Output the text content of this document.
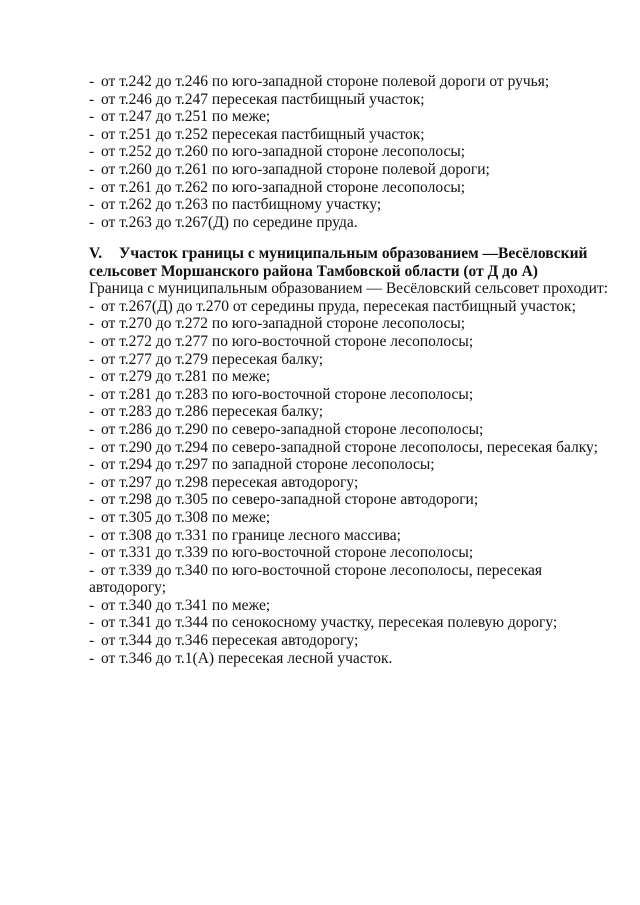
- от т.242 до т.246 по юго-западной стороне полевой дороги от ручья;
- от т.246 до т.247 пересекая пастбищный участок;
- от т.247 до т.251 по меже;
- от т.251 до т.252 пересекая пастбищный участок;
- от т.252 до т.260 по юго-западной стороне лесополосы;
- от т.260 до т.261 по юго-западной стороне полевой дороги;
- от т.261 до т.262 по юго-западной стороне лесополосы;
- от т.262 до т.263 по пастбищному участку;
- от т.263 до т.267(Д) по середине пруда.
V. Участок границы с муниципальным образованием —Весёловский
сельсовет Моршанского района Тамбовской области (от Д до А)
Граница с муниципальным образованием — Весёловский сельсовет проходит:
- от т.267(Д) до т.270 от середины пруда, пересекая пастбищный участок;
- от т.270 до т.272 по юго-западной стороне лесополосы;
- от т.272 до т.277 по юго-восточной стороне лесополосы;
- от т.277 до т.279 пересекая балку;
- от т.279 до т.281 по меже;
- от т.281 до т.283 по юго-восточной стороне лесополосы;
- от т.283 до т.286 пересекая балку;
- от т.286 до т.290 по северо-западной стороне лесополосы;
- от т.290 до т.294 по северо-западной стороне лесополосы, пересекая балку;
- от т.294 до т.297 по западной стороне лесополосы;
- от т.297 до т.298 пересекая автодорогу;
- от т.298 до т.305 по северо-западной стороне автодороги;
- от т.305 до т.308 по меже;
- от т.308 до т.331 по границе лесного массива;
- от т.331 до т.339 по юго-восточной стороне лесополосы;
- от т.339 до т.340 по юго-восточной стороне лесополосы, пересекая автодорогу;
- от т.340 до т.341 по меже;
- от т.341 до т.344 по сенокосному участку, пересекая полевую дорогу;
- от т.344 до т.346 пересекая автодорогу;
- от т.346 до т.1(А) пересекая лесной участок.
